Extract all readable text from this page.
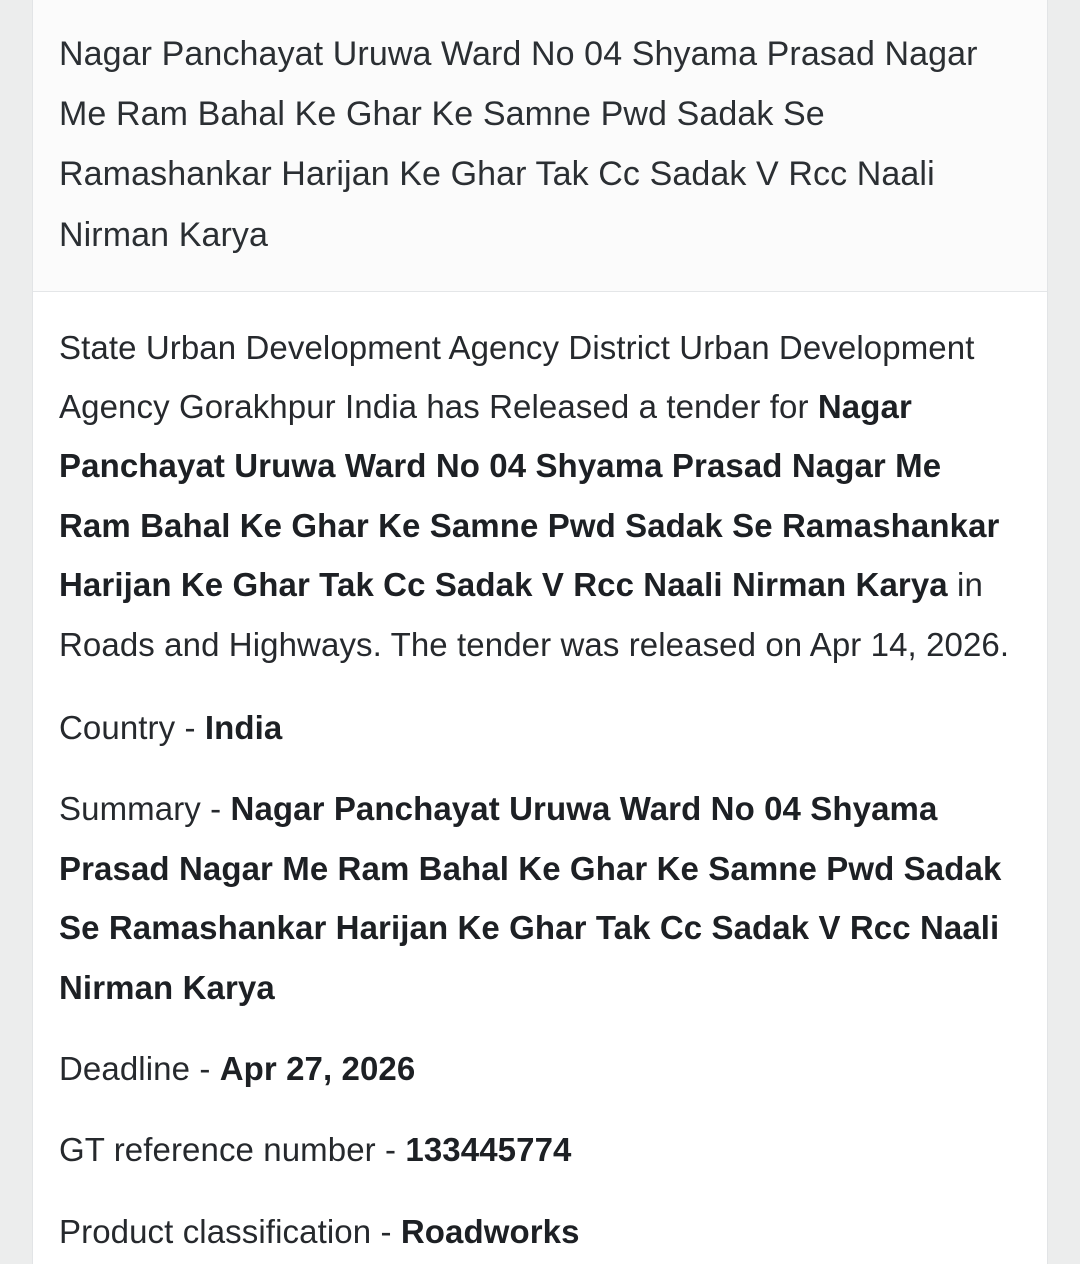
Nagar Panchayat Uruwa Ward No 04 Shyama Prasad Nagar Me Ram Bahal Ke Ghar Ke Samne Pwd Sadak Se Ramashankar Harijan Ke Ghar Tak Cc Sadak V Rcc Naali Nirman Karya

State Urban Development Agency District Urban Development Agency Gorakhpur India has Released a tender for Nagar Panchayat Uruwa Ward No 04 Shyama Prasad Nagar Me Ram Bahal Ke Ghar Ke Samne Pwd Sadak Se Ramashankar Harijan Ke Ghar Tak Cc Sadak V Rcc Naali Nirman Karya in Roads and Highways. The tender was released on Apr 14, 2026.

Country - India

Summary - Nagar Panchayat Uruwa Ward No 04 Shyama Prasad Nagar Me Ram Bahal Ke Ghar Ke Samne Pwd Sadak Se Ramashankar Harijan Ke Ghar Tak Cc Sadak V Rcc Naali Nirman Karya

Deadline - Apr 27, 2026

GT reference number - 133445774

Product classification - Roadworks
